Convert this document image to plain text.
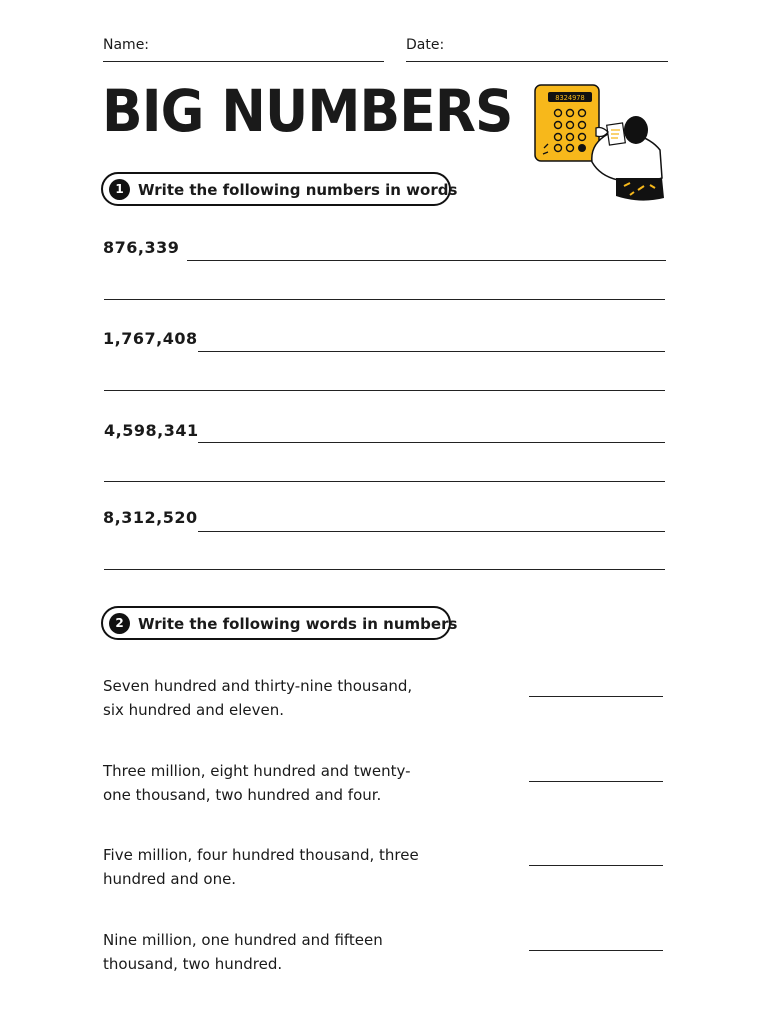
Name:	Date:
BIG NUMBERS	8324978
1 Write the following numbers in words
876,339
1,767,408
4,598,341
8,312,520
2 Write the following words in numbers
Seven hundred and thirty-nine thousand,
six hundred and eleven.
Three million, eight hundred and twenty-
one thousand, two hundred and four.
Five million, four hundred thousand, three
hundred and one.
Nine million, one hundred and fifteen
thousand, two hundred.
